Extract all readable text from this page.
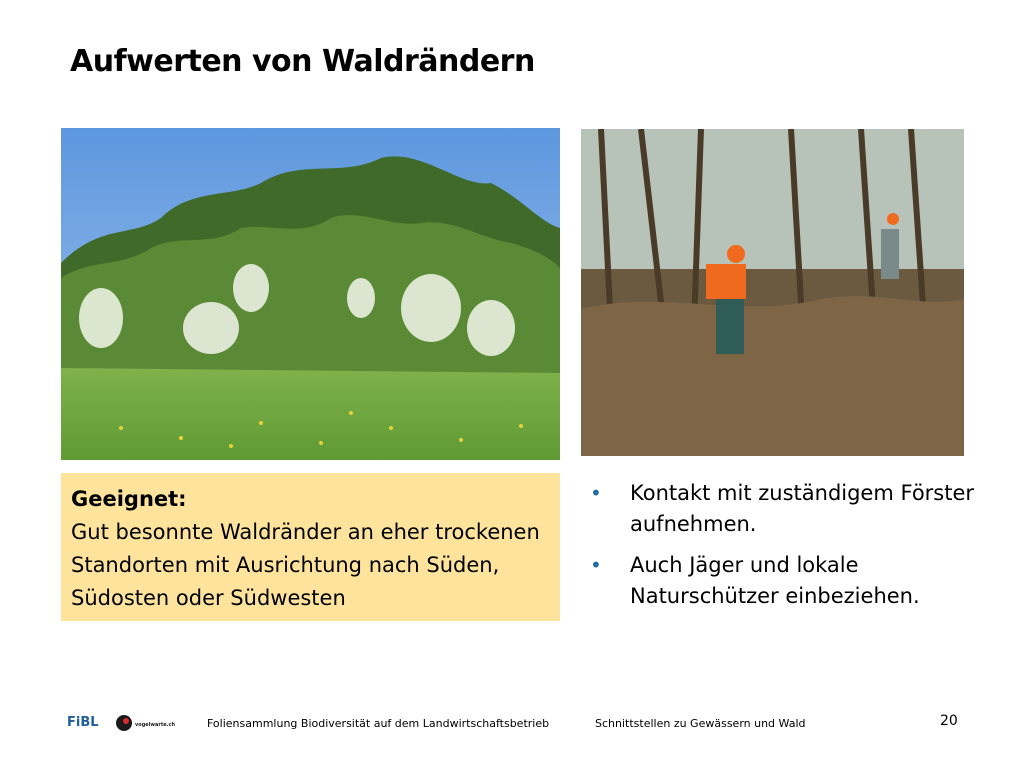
Aufwerten von Waldrändern
Geeignet:
Gut besonnte Waldränder an eher trockenen Standorten mit Ausrichtung nach Süden, Südosten oder Südwesten
• Kontakt mit zuständigem Förster aufnehmen.
• Auch Jäger und lokale Naturschützer einbeziehen.
FiBL	vogelwarte.ch	Foliensammlung Biodiversität auf dem Landwirtschaftsbetrieb	Schnittstellen zu Gewässern und Wald	20
